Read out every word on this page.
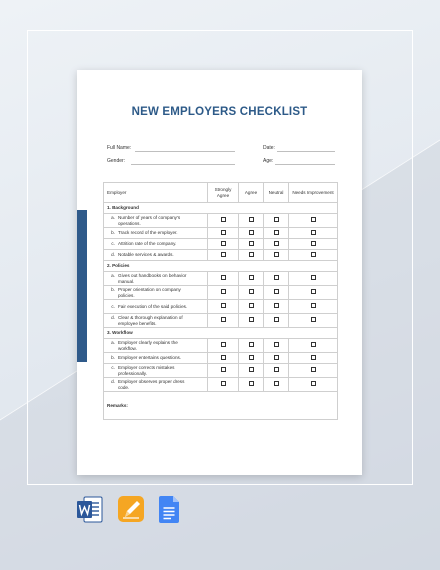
NEW EMPLOYERS CHECKLIST
Full Name:	Date:
Gender:	Age:
Employer	Strongly Agree	Agree	Neutral	Needs Improvement
1. Background				
a. Number of years of company's operations.				
b. Track record of the employer.				
c. Attrition rate of the company.				
d. Notable services & awards.				
2. Policies				
a. Gives out handbooks on behavior manual.				
b. Proper orientation on company policies.				
c. Fair execution of the said policies.				
d. Clear & thorough explanation of employee benefits.				
3. Workflow				
a. Employer clearly explains the workflow.				
b. Employer entertains questions.				
c. Employer corrects mistakes professionally.				
d. Employer observes proper dress code.				
Remarks:				
